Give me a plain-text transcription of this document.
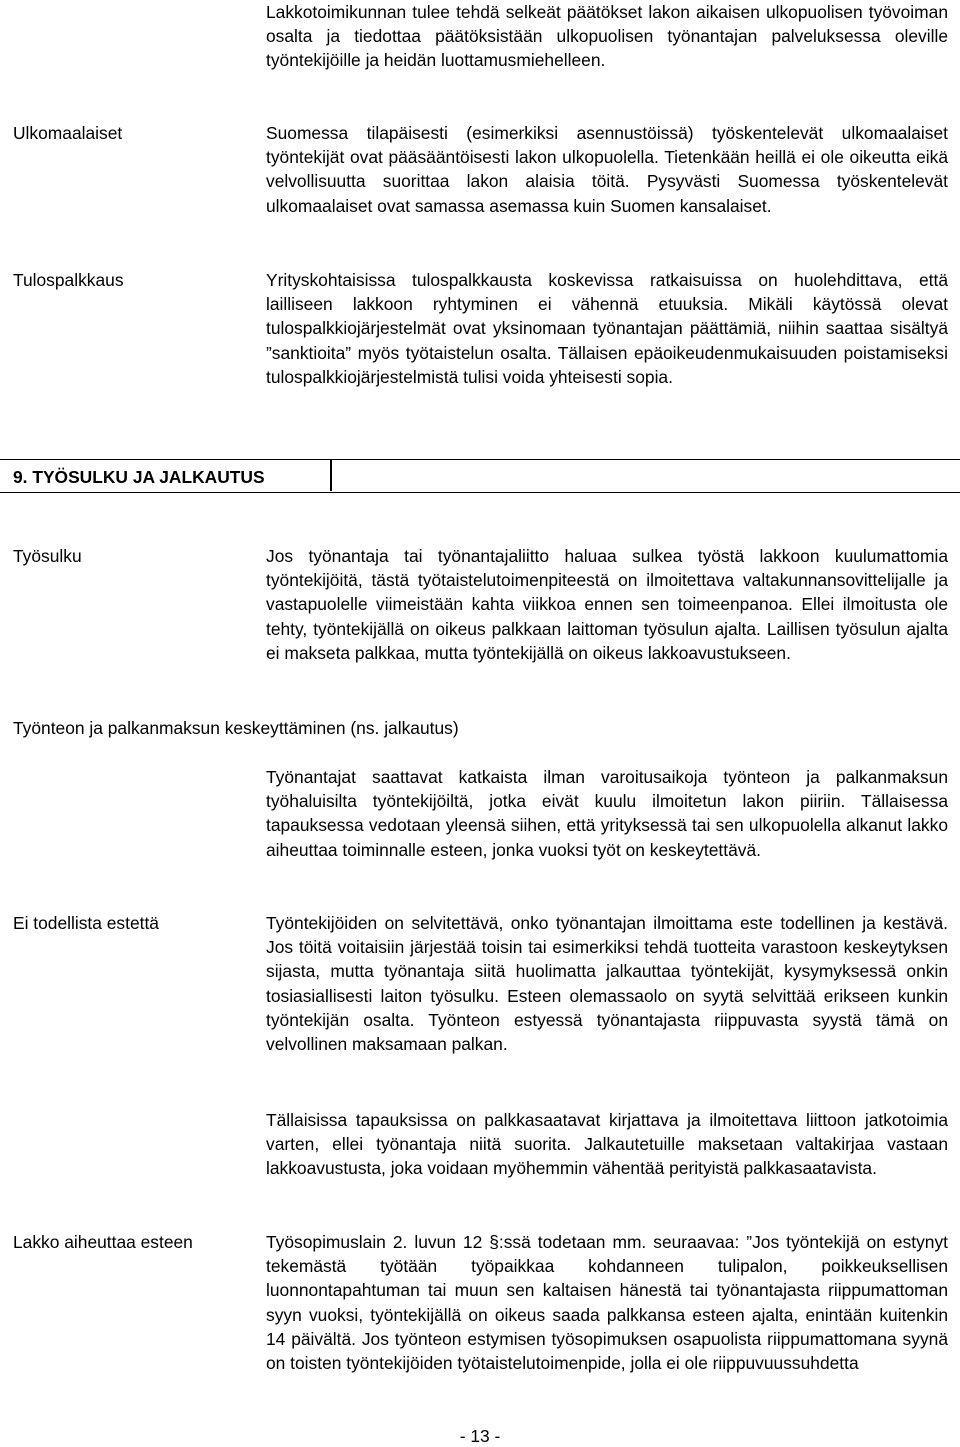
Lakkotoimikunnan tulee tehdä selkeät päätökset lakon aikaisen ulkopuolisen työvoiman osalta ja tiedottaa päätöksistään ulkopuolisen työnantajan palveluksessa oleville työntekijöille ja heidän luottamusmiehelleen.
Ulkomaalaiset	Suomessa tilapäisesti (esimerkiksi asennustöissä) työskentelevät ulkomaalaiset työntekijät ovat pääsääntöisesti lakon ulkopuolella. Tietenkään heillä ei ole oikeutta eikä velvollisuutta suorittaa lakon alaisia töitä. Pysyvästi Suomessa työskentelevät ulkomaalaiset ovat samassa asemassa kuin Suomen kansalaiset.
Tulospalkkaus	Yrityskohtaisissa tulospalkkausta koskevissa ratkaisuissa on huolehdittava, että lailliseen lakkoon ryhtyminen ei vähennä etuuksia. Mikäli käytössä olevat tulospalkkiojärjestelmät ovat yksinomaan työnantajan päättämiä, niihin saattaa sisältyä ”sanktioita” myös työtaistelun osalta. Tällaisen epäoikeudenmukaisuuden poistamiseksi tulospalkkiojärjestelmistä tulisi voida yhteisesti sopia.
9. TYÖSULKU JA JALKAUTUS
Työsulku	Jos työnantaja tai työnantajaliitto haluaa sulkea työstä lakkoon kuulumattomia työntekijöitä, tästä työtaistelutoimenpiteestä on ilmoitettava valtakunnansovittelijalle ja vastapuolelle viimeistään kahta viikkoa ennen sen toimeenpanoa. Ellei ilmoitusta ole tehty, työntekijällä on oikeus palkkaan laittoman työsulun ajalta. Laillisen työsulun ajalta ei makseta palkkaa, mutta työntekijällä on oikeus lakkoavustukseen.
Työnteon ja palkanmaksun keskeyttäminen (ns. jalkautus)
Työnantajat saattavat katkaista ilman varoitusaikoja työnteon ja palkanmaksun työhaluisilta työntekijöiltä, jotka eivät kuulu ilmoitetun lakon piiriin. Tällaisessa tapauksessa vedotaan yleensä siihen, että yrityksessä tai sen ulkopuolella alkanut lakko aiheuttaa toiminnalle esteen, jonka vuoksi työt on keskeytettävä.
Ei todellista estettä	Työntekijöiden on selvitettävä, onko työnantajan ilmoittama este todellinen ja kestävä. Jos töitä voitaisiin järjestää toisin tai esimerkiksi tehdä tuotteita varastoon keskeytyksen sijasta, mutta työnantaja siitä huolimatta jalkauttaa työntekijät, kysymyksessä onkin tosiasiallisesti laiton työsulku. Esteen olemassaolo on syytä selvittää erikseen kunkin työntekijän osalta. Työnteon estyessä työnantajasta riippuvasta syystä tämä on velvollinen maksamaan palkan.
Tällaisissa tapauksissa on palkkasaatavat kirjattava ja ilmoitettava liittoon jatkotoimia varten, ellei työnantaja niitä suorita. Jalkautetuille maksetaan valtakirjaa vastaan lakkoavustusta, joka voidaan myöhemmin vähentää perityistä palkkasaatavista.
Lakko aiheuttaa esteen	Työsopimuslain 2. luvun 12 §:ssä todetaan mm. seuraavaa: ”Jos työntekijä on estynyt tekemästä työtään työpaikkaa kohdanneen tulipalon, poikkeuksellisen luonnontapahtuman tai muun sen kaltaisen hänestä tai työnantajasta riippumattoman syyn vuoksi, työntekijällä on oikeus saada palkkansa esteen ajalta, enintään kuitenkin 14 päivältä. Jos työnteon estymisen työsopimuksen osapuolista riippumattomana syynä on toisten työntekijöiden työtaistelutoimenpide, jolla ei ole riippuvuussuhdetta
- 13 -
